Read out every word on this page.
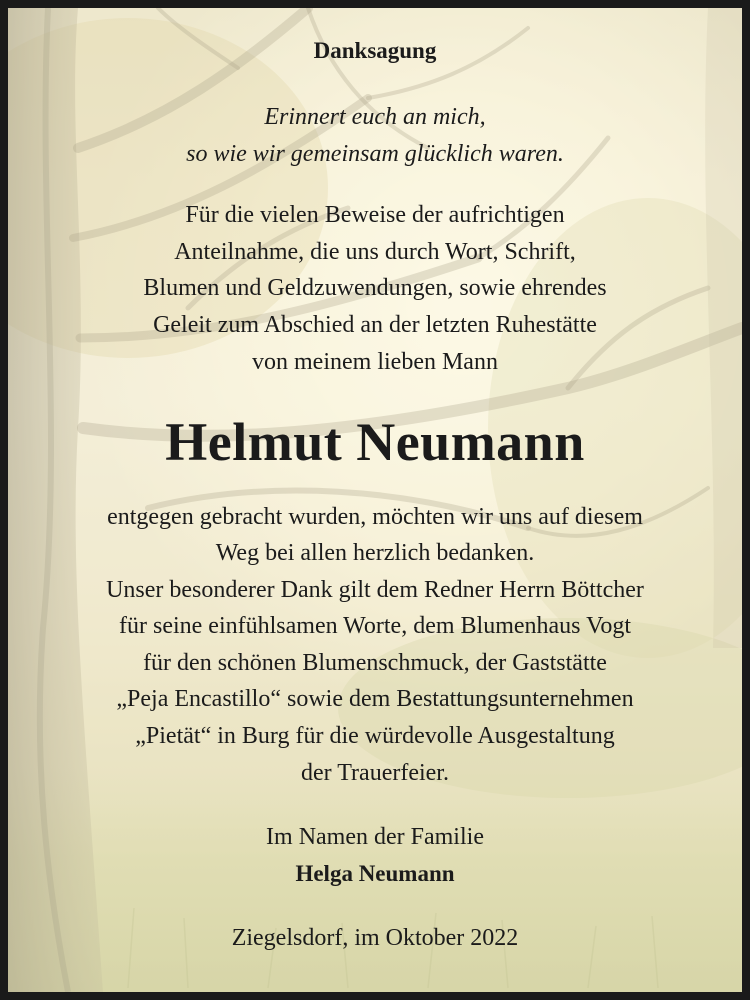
Danksagung
Erinnert euch an mich,
so wie wir gemeinsam glücklich waren.
Für die vielen Beweise der aufrichtigen
Anteilnahme, die uns durch Wort, Schrift,
Blumen und Geldzuwendungen, sowie ehrendes
Geleit zum Abschied an der letzten Ruhestätte
von meinem lieben Mann
Helmut Neumann
entgegen gebracht wurden, möchten wir uns auf diesem
Weg bei allen herzlich bedanken.
Unser besonderer Dank gilt dem Redner Herrn Böttcher
für seine einfühlsamen Worte, dem Blumenhaus Vogt
für den schönen Blumenschmuck, der Gaststätte
„Peja Encastillo“ sowie dem Bestattungsunternehmen
„Pietät“ in Burg für die würdevolle Ausgestaltung
der Trauerfeier.
Im Namen der Familie
Helga Neumann
Ziegelsdorf, im Oktober 2022
